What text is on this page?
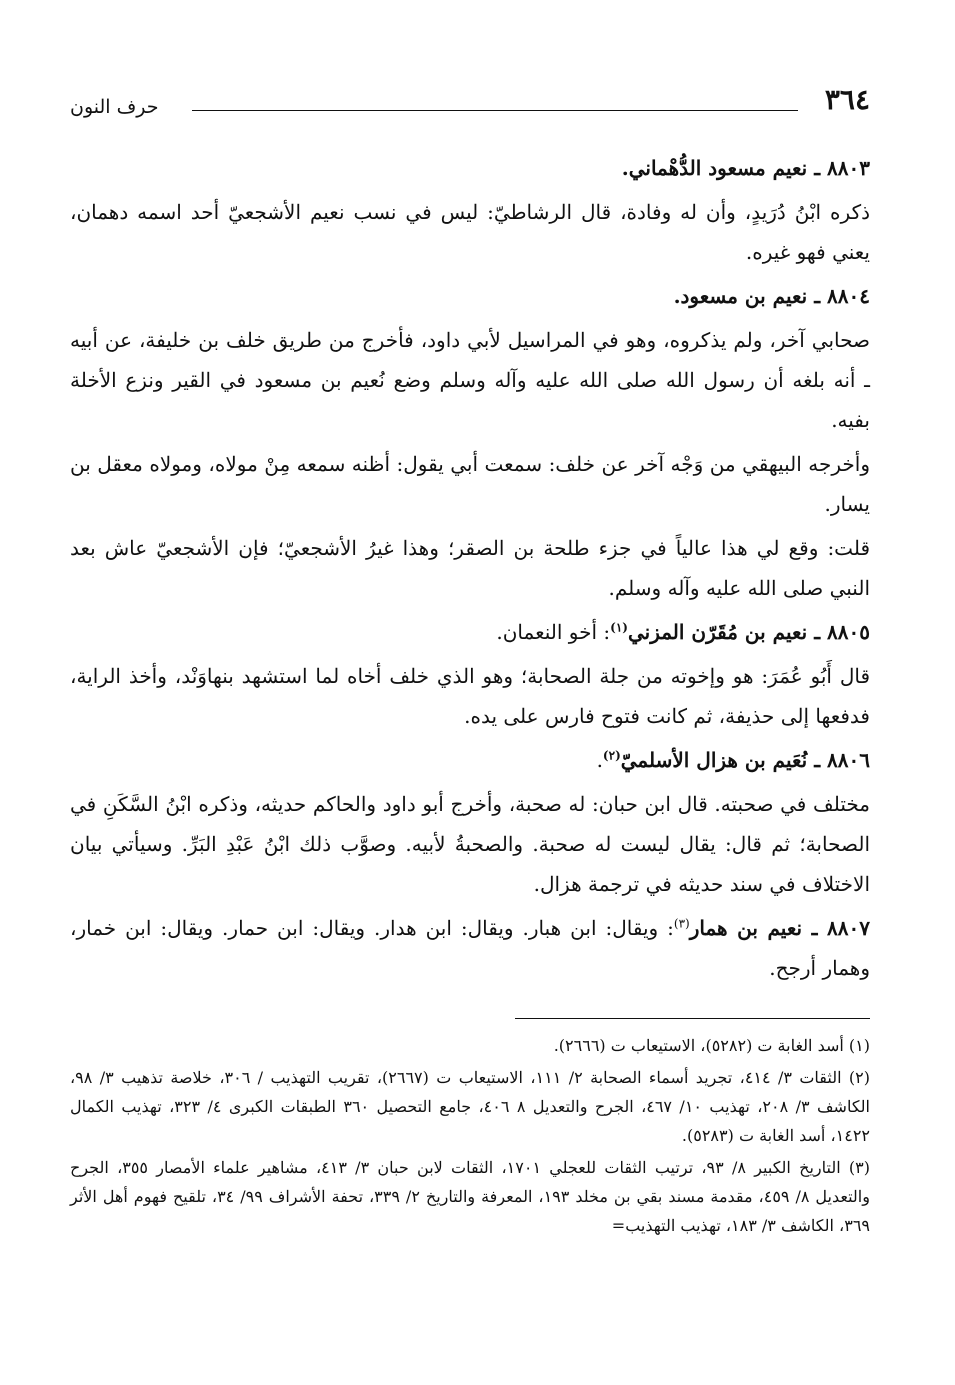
٣٦٤
حرف النون

٨٨٠٣ ـ نعيم مسعود الدُّهْماني.

ذكره ابْنُ دُرَيدٍ، وأن له وفادة، قال الرشاطيّ: ليس في نسب نعيم الأشجعيّ أحد اسمه دهمان، يعني فهو غيره.

٨٨٠٤ ـ نعيم بن مسعود.

صحابي آخر، ولم يذكروه، وهو في المراسيل لأبي داود، فأخرج من طريق خلف بن خليفة، عن أبيه ـ أنه بلغه أن رسول الله صلى الله عليه وآله وسلم وضع نُعيم بن مسعود في القير ونزع الأخلة بفيه.

وأخرجه البيهقي من وَجْه آخر عن خلف: سمعت أبي يقول: أظنه سمعه مِنْ مولاه، ومولاه معقل بن يسار.

قلت: وقع لي هذا عالياً في جزء طلحة بن الصقر؛ وهذا غيرُ الأشجعيّ؛ فإن الأشجعيّ عاش بعد النبي صلى الله عليه وآله وسلم.

٨٨٠٥ ـ نعيم بن مُقَرّن المزني$^{(١)}$: أخو النعمان.

قال أَبُو عُمَرَ: هو وإخوته من جلة الصحابة؛ وهو الذي خلف أخاه لما استشهد بنهاوَنْد، وأخذ الراية، فدفعها إلى حذيفة، ثم كانت فتوح فارس على يده.

٨٨٠٦ ـ نُعَيم بن هزال الأسلميّ$^{(٢)}$.

مختلف في صحبته. قال ابن حبان: له صحبة، وأخرج أبو داود والحاكم حديثه، وذكره ابْنُ السَّكَنِ في الصحابة؛ ثم قال: يقال ليست له صحبة. والصحبةُ لأبيه. وصوَّب ذلك ابْنُ عَبْدِ البَرِّ. وسيأتي بيان الاختلاف في سند حديثه في ترجمة هزال.

٨٨٠٧ ـ نعيم بن همار$^{(٣)}$: ويقال: ابن هبار. ويقال: ابن هدار. ويقال: ابن حمار. ويقال: ابن خمار، وهمار أرجح.

(١) أسد الغابة ت (٥٢٨٢)، الاستيعاب ت (٢٦٦٦).

(٢) الثقات ٣/ ٤١٤، تجريد أسماء الصحابة ٢/ ١١١، الاستيعاب ت (٢٦٦٧)، تقريب التهذيب / ٣٠٦، خلاصة تذهيب ٣/ ٩٨، الكاشف ٣/ ٢٠٨، تهذيب ١٠/ ٤٦٧، الجرح والتعديل ٨ ٤٠٦، جامع التحصيل ٣٦٠ الطبقات الكبرى ٤/ ٣٢٣، تهذيب الكمال ١٤٢٢، أسد الغابة ت (٥٢٨٣).

(٣) التاريخ الكبير ٨/ ٩٣، ترتيب الثقات للعجلي ١٧٠١، الثقات لابن حبان ٣/ ٤١٣، مشاهير علماء الأمصار ٣٥٥، الجرح والتعديل ٨/ ٤٥٩، مقدمة مسند بقي بن مخلد ١٩٣، المعرفة والتاريخ ٢/ ٣٣٩، تحفة الأشراف ٩٩/ ٣٤، تلقيح فهوم أهل الأثر ٣٦٩، الكاشف ٣/ ١٨٣، تهذيب التهذيب=
